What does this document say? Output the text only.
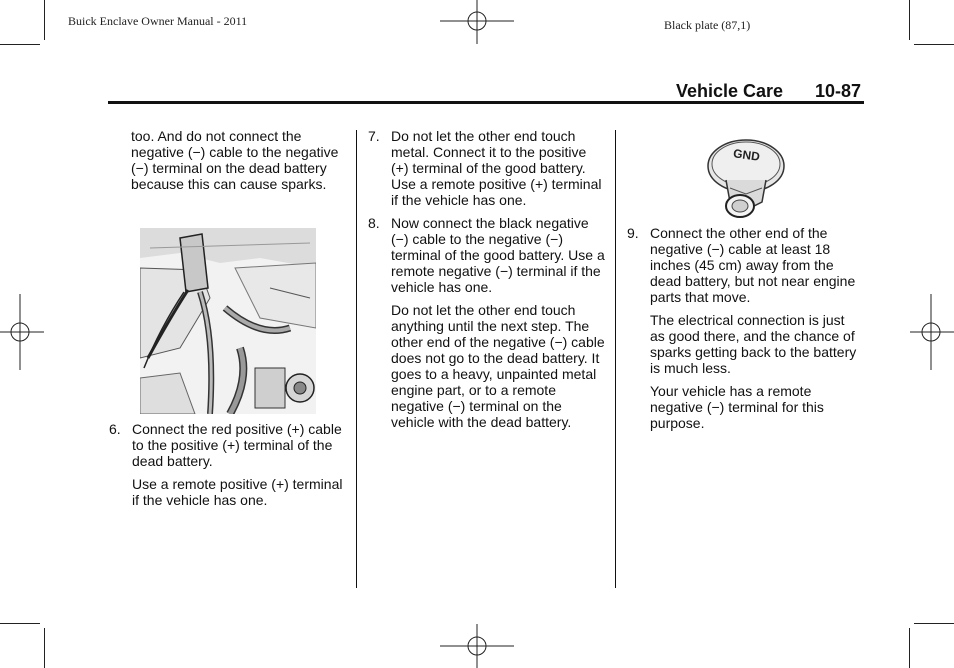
Buick Enclave Owner Manual - 2011	Black plate (87,1)
Vehicle Care 10-87

too. And do not connect the negative (−) cable to the negative (−) terminal on the dead battery because this can cause sparks.

6. Connect the red positive (+) cable to the positive (+) terminal of the dead battery.

Use a remote positive (+) terminal if the vehicle has one.

7. Do not let the other end touch metal. Connect it to the positive (+) terminal of the good battery. Use a remote positive (+) terminal if the vehicle has one.

8. Now connect the black negative (−) cable to the negative (−) terminal of the good battery. Use a remote negative (−) terminal if the vehicle has one.

Do not let the other end touch anything until the next step. The other end of the negative (−) cable does not go to the dead battery. It goes to a heavy, unpainted metal engine part, or to a remote negative (−) terminal on the vehicle with the dead battery.

GND
9. Connect the other end of the negative (−) cable at least 18 inches (45 cm) away from the dead battery, but not near engine parts that move.

The electrical connection is just as good there, and the chance of sparks getting back to the battery is much less.

Your vehicle has a remote negative (−) terminal for this purpose.
